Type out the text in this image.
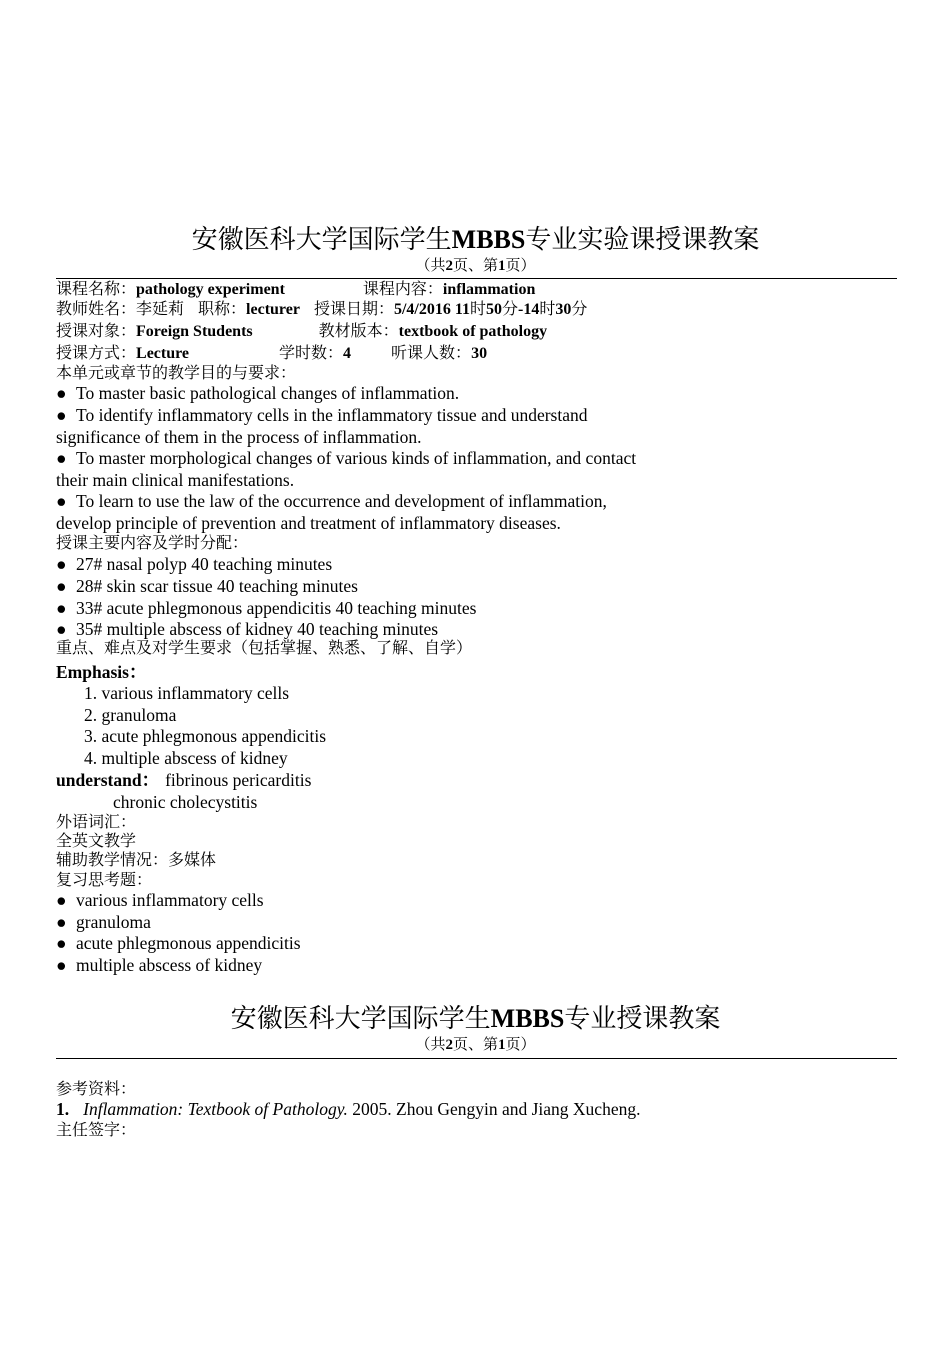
安徽医科大学国际学生MBBS专业实验课授课教案
（共2页、第1页）
课程名称：pathology experiment	课程内容：inflammation
教师姓名：李延莉 职称：lecturer 授课日期：5/4/2016 11时50分-14时30分
授课对象：Foreign Students	教材版本：textbook of pathology
授课方式：Lecture	学时数：4	听课人数：30
本单元或章节的教学目的与要求：
● To master basic pathological changes of inflammation.
● To identify inflammatory cells in the inflammatory tissue and understand
significance of them in the process of inflammation.
● To master morphological changes of various kinds of inflammation, and contact
their main clinical manifestations.
● To learn to use the law of the occurrence and development of inflammation,
develop principle of prevention and treatment of inflammatory diseases.
授课主要内容及学时分配：
● 27# nasal polyp 40 teaching minutes
● 28# skin scar tissue 40 teaching minutes
● 33# acute phlegmonous appendicitis 40 teaching minutes
● 35# multiple abscess of kidney 40 teaching minutes
重点、难点及对学生要求（包括掌握、熟悉、了解、自学）
Emphasis：
1. various inflammatory cells
2. granuloma
3. acute phlegmonous appendicitis
4. multiple abscess of kidney
understand： fibrinous pericarditis
chronic cholecystitis
外语词汇：
全英文教学
辅助教学情况：多媒体
复习思考题：
● various inflammatory cells
● granuloma
● acute phlegmonous appendicitis
● multiple abscess of kidney
安徽医科大学国际学生MBBS专业授课教案
（共2页、第1页）
参考资料：
1. Inflammation: Textbook of Pathology. 2005. Zhou Gengyin and Jiang Xucheng.
主任签字：
